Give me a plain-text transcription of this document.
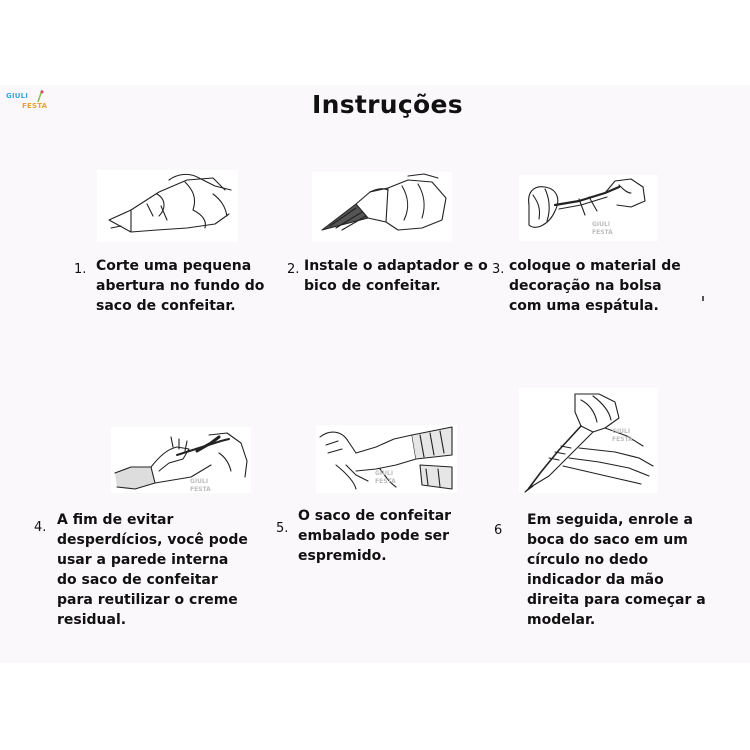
GIULI
FESTA	Instruções
GIULI FESTA
GIULI FESTA
GIULI FESTA
GIULI FESTA
1. Corte uma pequena
abertura no fundo do
saco de confeitar.
2. Instale o adaptador e o
bico de confeitar.
3. coloque o material de
decoração na bolsa
com uma espátula.
4. A fim de evitar
desperdícios, você pode
usar a parede interna
do saco de confeitar
para reutilizar o creme
residual.
5.
O saco de confeitar
embalado pode ser
espremido.
6
Em seguida, enrole a
boca do saco em um
círculo no dedo
indicador da mão
direita para começar a
modelar.
